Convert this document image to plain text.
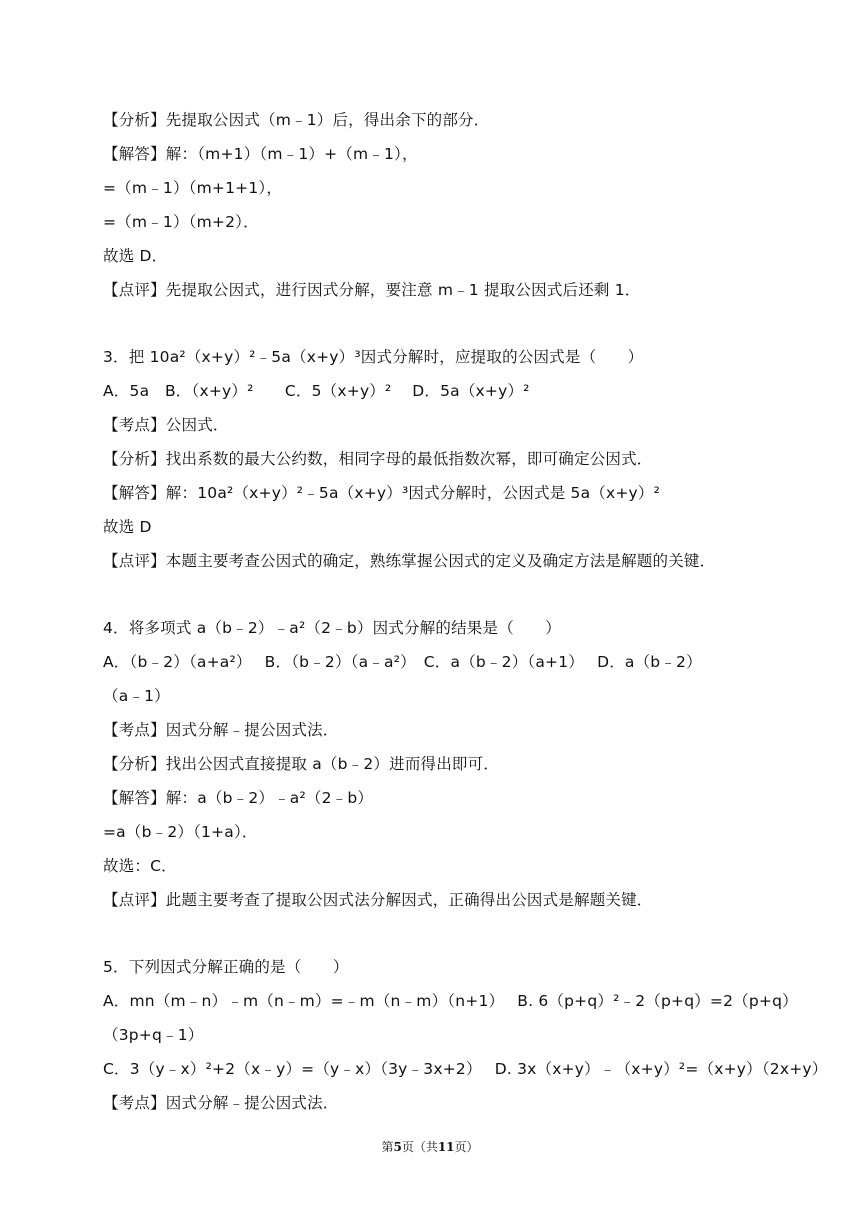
【分析】先提取公因式（m﹣1）后，得出余下的部分．
【解答】解：（m+1）（m﹣1）+（m﹣1），
=（m﹣1）（m+1+1），
=（m﹣1）（m+2）．
故选 D．
【点评】先提取公因式，进行因式分解，要注意 m﹣1 提取公因式后还剩 1．
3．把 10a²（x+y）²﹣5a（x+y）³因式分解时，应提取的公因式是（　　）
A．5a　B．（x+y）²　　C．5（x+y）²　 D．5a（x+y）²
【考点】公因式．
【分析】找出系数的最大公约数，相同字母的最低指数次幂，即可确定公因式．
【解答】解：10a²（x+y）²﹣5a（x+y）³因式分解时，公因式是 5a（x+y）²
故选 D
【点评】本题主要考查公因式的确定，熟练掌握公因式的定义及确定方法是解题的关键．
4．将多项式 a（b﹣2）﹣a²（2﹣b）因式分解的结果是（　　）
A．（b﹣2）（a+a²）　 B．（b﹣2）（a﹣a²）　C．a（b﹣2）（a+1）　 D．a（b﹣2）
（a﹣1）
【考点】因式分解﹣提公因式法．
【分析】找出公因式直接提取 a（b﹣2）进而得出即可．
【解答】解：a（b﹣2）﹣a²（2﹣b）
=a（b﹣2）（1+a）．
故选：C．
【点评】此题主要考查了提取公因式法分解因式，正确得出公因式是解题关键．
5．下列因式分解正确的是（　　）
A．mn（m﹣n）﹣m（n﹣m）=﹣m（n﹣m）（n+1）　 B. 6（p+q）²﹣2（p+q）=2（p+q）
（3p+q﹣1）
C．3（y﹣x）²+2（x﹣y）=（y﹣x）（3y﹣3x+2）　 D. 3x（x+y）﹣（x+y）²=（x+y）（2x+y）
【考点】因式分解﹣提公因式法．
第5页（共11页）
